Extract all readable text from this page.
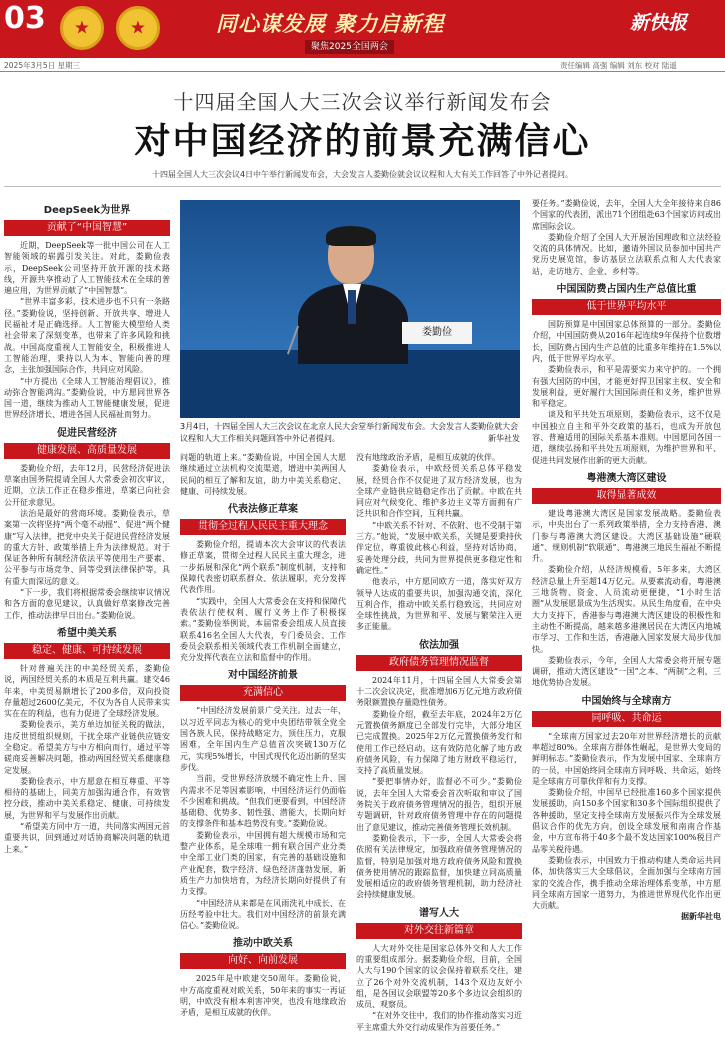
03 ★ ★	同心谋发展 聚力启新程
聚焦2025全国两会
新快报
2025年3月5日 星期三	责任编辑 高强 编辑 刘东 校对 陆遥
十四届全国人大三次会议举行新闻发布会
对中国经济的前景充满信心
十四届全国人大三次会议4日中午举行新闻发布会，大会发言人娄勤俭就会议议程和人大有关工作回答了中外记者提问。
DeepSeek为世界
贡献了“中国智慧”

近期，DeepSeek等一批中国公司在人工智能领域的崭露引发关注。对此，娄勤俭表示，DeepSeek公司坚持开放开源的技术路线，开源共享推动了人工智能技术在全球的普遍应用，为世界贡献了“中国智慧”。

“世界丰富多彩，技术进步也不只有一条路径。”娄勤俭说，坚持创新、开放共享、增进人民福祉才是正确选择。人工智能大模型给人类社会带来了深刻变革，也带来了许多风险和挑战。中国高度重视人工智能安全，积极推进人工智能治理，秉持以人为本、智能向善的理念，主张加强国际合作，共同应对风险。

“中方提出《全球人工智能治理倡议》，推动弥合智能鸿沟。”娄勤俭说，中方愿同世界各国一道，继续为推动人工智能健康发展，促进世界经济增长、增进各国人民福祉而努力。

促进民营经济
健康发展、高质量发展

娄勤俭介绍，去年12月，民营经济促进法草案由国务院提请全国人大常委会初次审议，近期，立法工作正在稳步推进，草案已向社会公开征求意见。

法治是最好的营商环境。娄勤俭表示，草案第一次将坚持“两个毫不动摇”、促进“两个健康”写入法律，把党中央关于促进民营经济发展的重大方针、政策举措上升为法律规范。对于保证各种所有制经济依法平等使用生产要素、公平参与市场竞争、同等受到法律保护等，具有重大而深远的意义。

“下一步，我们将根据常委会继续审议情况和各方面的意见建议，认真做好草案修改完善工作，推动法律早日出台。”娄勤俭说。

希望中美关系
稳定、健康、可持续发展

针对普遍关注的中美经贸关系，娄勤俭说，两国经贸关系的本质是互利共赢。建交46年来，中美贸易额增长了200多倍，双向投资存量超过2600亿美元，不仅为各自人民带来实实在在的利益，也有力促进了全球经济发展。

娄勤俭表示，美方单边加征关税的做法，违反世贸组织规则，干扰全球产业链供应链安全稳定。希望美方与中方相向而行，通过平等磋商妥善解决问题，推动两国经贸关系健康稳定发展。

娄勤俭表示，中方愿意在相互尊重、平等相待的基础上，同美方加强沟通合作，有效管控分歧，推动中美关系稳定、健康、可持续发展，为世界和平与发展作出贡献。

“希望美方同中方一道，共同落实两国元首重要共识，回到通过对话协商解决问题的轨道上来。”

娄勤俭
3月4日，十四届全国人大三次会议在北京人民大会堂举行新闻发布会。大会发言人娄勤俭就大会议程和人大工作相关问题回答中外记者提问。	新华社发

问题的轨道上来。”娄勤俭说，中国全国人大愿继续通过立法机构交流渠道，增进中美两国人民间的相互了解和友谊，助力中美关系稳定、健康、可持续发展。

代表法修正草案
贯彻全过程人民民主重大理念

娄勤俭介绍，提请本次大会审议的代表法修正草案，贯彻全过程人民民主重大理念，进一步拓展和深化“两个联系”制度机制，支持和保障代表密切联系群众、依法履职，充分发挥代表作用。

“实践中，全国人大常委会在支持和保障代表依法行使权利、履行义务上作了积极探索。”娄勤俭举例说，本届常委会组成人员直接联系416名全国人大代表，专门委员会、工作委员会联系相关领域代表工作机制全面建立，充分发挥代表在立法和监督中的作用。

对中国经济前景
充满信心

“中国经济发展前景广受关注。过去一年，以习近平同志为核心的党中央团结带领全党全国各族人民，保持战略定力，顶住压力，克服困难，全年国内生产总值首次突破130万亿元，实现5%增长，中国式现代化迈出新的坚实步伐。

当前，受世界经济放缓不确定性上升、国内需求不足等因素影响，中国经济运行仍面临不少困难和挑战。“但我们更要看到，中国经济基础稳、优势多、韧性强、潜能大，长期向好的支撑条件和基本趋势没有变。”娄勤俭说。

娄勤俭表示，中国拥有超大规模市场和完整产业体系，是全球唯一拥有联合国产业分类中全部工业门类的国家，有完善的基础设施和产业配套，数字经济、绿色经济蓬勃发展，新质生产力加快培育，为经济长期向好提供了有力支撑。

“中国经济从来都是在风雨洗礼中成长、在历经考验中壮大。我们对中国经济的前景充满信心。”娄勤俭说。

推动中欧关系
向好、向前发展

2025年是中欧建交50周年。娄勤俭说，中方高度重视对欧关系，50年来的事实一再证明，中欧没有根本利害冲突，也没有地缘政治矛盾，是相互成就的伙伴。

没有地缘政治矛盾，是相互成就的伙伴。

娄勤俭表示，中欧经贸关系总体平稳发展，经贸合作不仅促进了双方经济发展，也为全球产业链供应链稳定作出了贡献。中欧在共同应对气候变化、维护多边主义等方面拥有广泛共识和合作空间，互利共赢。

“中欧关系不针对、不依附、也不受制于第三方。”他说，“发展中欧关系，关键是要秉持伙伴定位，尊重彼此核心利益，坚持对话协商，妥善处理分歧，共同为世界提供更多稳定性和确定性。”

他表示，中方愿同欧方一道，落实好双方领导人达成的重要共识，加强沟通交流，深化互利合作，推动中欧关系行稳致远，共同应对全球性挑战，为世界和平、发展与繁荣注入更多正能量。

依法加强
政府债务管理情况监督

2024年11月，十四届全国人大常委会第十二次会议决定，批准增加6万亿元地方政府债务限额置换存量隐性债务。

娄勤俭介绍，截至去年底，2024年2万亿元置换债务额度已全部发行完毕，大部分地区已完成置换。2025年2万亿元置换债务发行和使用工作已经启动。这有效防范化解了地方政府债务风险，有力保障了地方财政平稳运行，支持了高质量发展。

“要把事情办好，监督必不可少。”娄勤俭说，去年全国人大常委会首次听取和审议了国务院关于政府债务管理情况的报告，组织开展专题调研，针对政府债务管理中存在的问题提出了意见建议，推动完善债务管理长效机制。

娄勤俭表示，下一步，全国人大常委会将依照有关法律规定，加强政府债务管理情况的监督，特别是加强对地方政府债务风险和置换债务使用情况的跟踪监督，加快建立同高质量发展相适应的政府债务管理机制，助力经济社会持续健康发展。

谱写人大
对外交往新篇章

人大对外交往是国家总体外交和人大工作的重要组成部分。据娄勤俭介绍，目前，全国人大与190个国家的议会保持着联系交往，建立了26个对外交流机制，143个双边友好小组，是各国议会联盟等20多个多边议会组织的成员、观察员。

“在对外交往中，我们的协作推动落实习近平主席重大外交行动成果作为首要任务。”

要任务。”娄勤俭说，去年，全国人大全年接待来自86个国家的代表团，派出71个团组赴63个国家访问或出席国际会议。

娄勤俭介绍了全国人大开展治国理政和立法经验交流的具体情况。比如，邀请外国议员参加中国共产党历史展览馆，参访基层立法联系点和人大代表家站，走访地方、企业、乡村等。

中国国防费占国内生产总值比重
低于世界平均水平

国防预算是中国国家总体预算的一部分。娄勤俭介绍，中国国防费从2016年起连续9年保持个位数增长，国防费占国内生产总值的比重多年维持在1.5%以内，低于世界平均水平。

娄勤俭表示，和平是需要实力来守护的。一个拥有强大国防的中国，才能更好捍卫国家主权、安全和发展利益，更好履行大国国际责任和义务，维护世界和平稳定。

谈及和平共处五项原则，娄勤俭表示，这不仅是中国独立自主和平外交政策的基石，也成为开放包容、普遍适用的国际关系基本准则。中国愿同各国一道，继续弘扬和平共处五项原则，为维护世界和平、促进共同发展作出新的更大贡献。

粤港澳大湾区建设
取得显著成效

建设粤港澳大湾区是国家发展战略。娄勤俭表示，中央出台了一系列政策举措，全力支持香港、澳门参与粤港澳大湾区建设。大湾区基础设施“硬联通”、规则机制“软联通”、粤港澳三地民生福祉不断提升。

娄勤俭介绍，从经济规模看，5年多来，大湾区经济总量上升至超14万亿元。从要素流动看，粤港澳三地货物、资金、人员流动更便捷，“1小时生活圈”从发展愿景成为生活现实。从民生角度看，在中央大力支持下，香港参与粤港澳大湾区建设的积极性和主动性不断提高，越来越多港澳居民在大湾区内地城市学习、工作和生活，香港融入国家发展大局步伐加快。

娄勤俭表示，今年，全国人大常委会将开展专题调研，推动大湾区建设“一国”之本、“两制”之利，三地优势协合发展。

中国始终与全球南方
同呼吸、共命运

“全球南方国家过去20年对世界经济增长的贡献率超过80%。全球南方群体性崛起，是世界大变局的鲜明标志。”娄勤俭表示，作为发展中国家、全球南方的一员，中国始终同全球南方同呼吸、共命运，始终是全球南方可靠伙伴和有力支撑。

娄勤俭介绍，中国早已经批准160多个国家提供发展援助，向150多个国家和30多个国际组织提供了各种援助，坚定支持全球南方发展振兴作为全球发展倡议合作的优先方向，创设全球发展和南南合作基金，中方宣布将于40多个最不发达国家100%税目产品零关税待遇。

娄勤俭表示，中国致力于推动构建人类命运共同体，加快落实三大全球倡议，全面加强与全球南方国家的交流合作，携手推动全球治理体系变革，中方愿同全球南方国家一道努力，为推进世界现代化作出更大贡献。

据新华社电
